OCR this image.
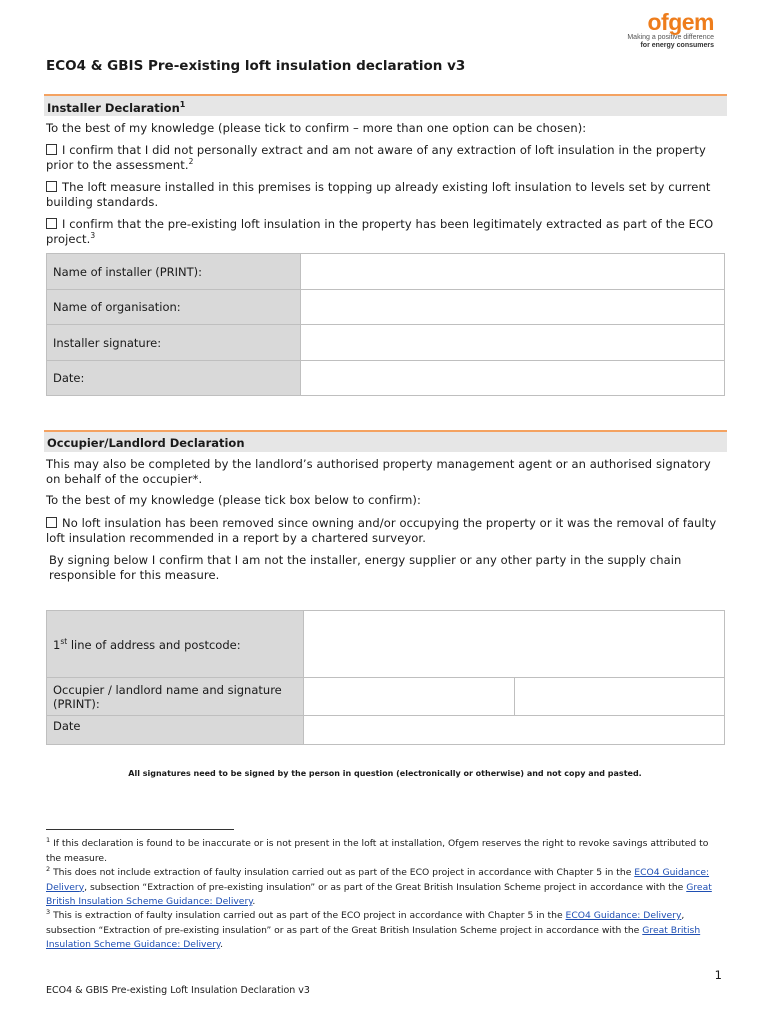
ofgem
Making a positive difference
for energy consumers
ECO4 & GBIS Pre-existing loft insulation declaration v3
Installer Declaration$^1$
To the best of my knowledge (please tick to confirm – more than one option can be chosen):
I confirm that I did not personally extract and am not aware of any extraction of loft insulation in the property prior to the assessment.$^2$
The loft measure installed in this premises is topping up already existing loft insulation to levels set by current building standards.
I confirm that the pre-existing loft insulation in the property has been legitimately extracted as part of the ECO project.$^3$
Name of installer (PRINT):	
Name of organisation:	
Installer signature:	
Date:	
Occupier/Landlord Declaration
This may also be completed by the landlord’s authorised property management agent or an authorised signatory on behalf of the occupier*.
To the best of my knowledge (please tick box below to confirm):
No loft insulation has been removed since owning and/or occupying the property or it was the removal of faulty loft insulation recommended in a report by a chartered surveyor.
By signing below I confirm that I am not the installer, energy supplier or any other party in the supply chain responsible for this measure.
1st line of address and postcode:		
Occupier / landlord name and signature (PRINT):		
Date		
All signatures need to be signed by the person in question (electronically or otherwise) and not copy and pasted.
$^1$ If this declaration is found to be inaccurate or is not present in the loft at installation, Ofgem reserves the right to revoke savings attributed to the measure.
$^2$ This does not include extraction of faulty insulation carried out as part of the ECO project in accordance with Chapter 5 in the ECO4 Guidance: Delivery, subsection “Extraction of pre-existing insulation” or as part of the Great British Insulation Scheme project in accordance with the Great British Insulation Scheme Guidance: Delivery.
$^3$ This is extraction of faulty insulation carried out as part of the ECO project in accordance with Chapter 5 in the ECO4 Guidance: Delivery, subsection “Extraction of pre-existing insulation” or as part of the Great British Insulation Scheme project in accordance with the Great British Insulation Scheme Guidance: Delivery.
1
ECO4 & GBIS Pre-existing Loft Insulation Declaration v3
